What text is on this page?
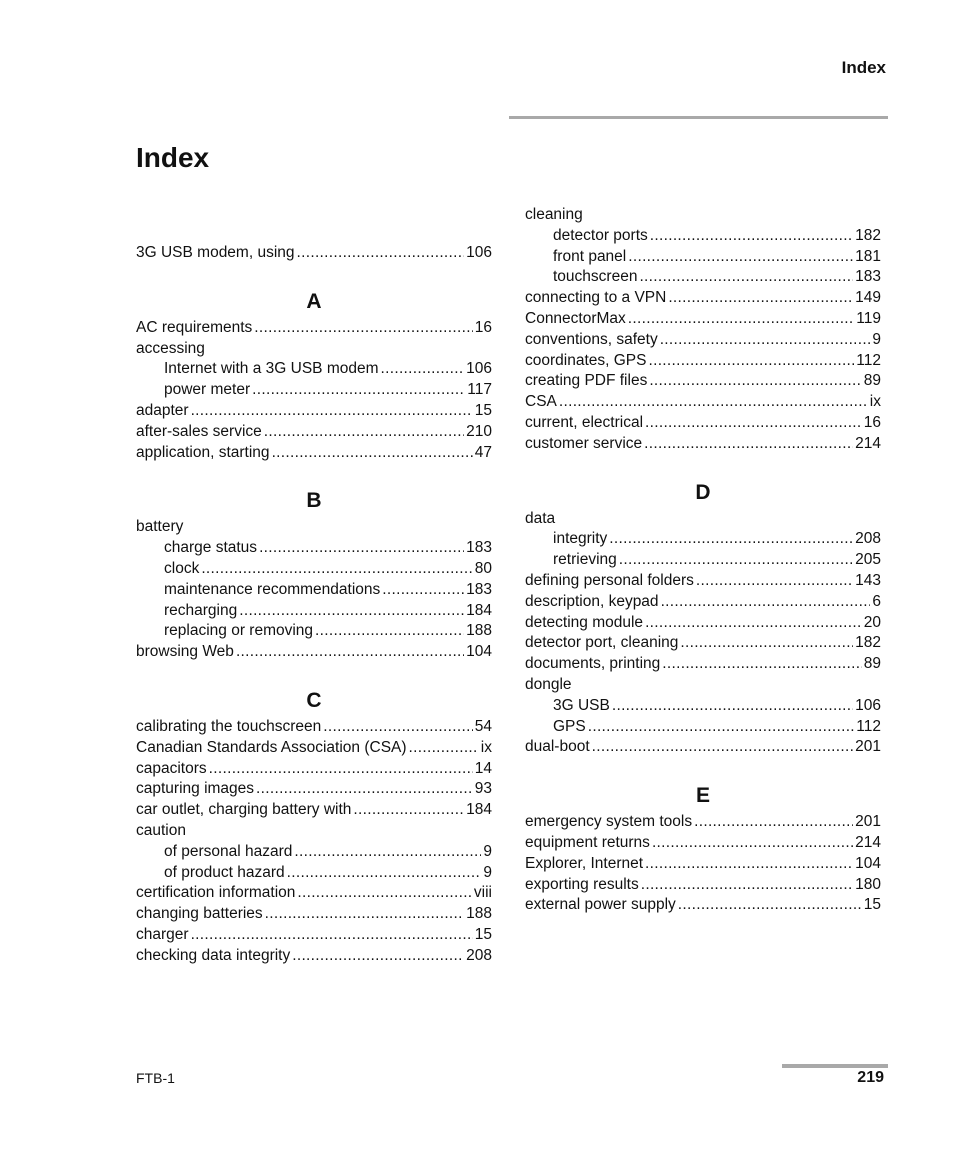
Index
Index
3G USB modem, using .....	106
A
AC requirements .....	16
accessing
Internet with a 3G USB modem .....	106
power meter .....	117
adapter .....	15
after-sales service .....	210
application, starting .....	47
B
battery
charge status .....	183
clock .....	80
maintenance recommendations .....	183
recharging .....	184
replacing or removing .....	188
browsing Web .....	104
C
calibrating the touchscreen .....	54
Canadian Standards Association (CSA) .....	ix
capacitors .....	14
capturing images .....	93
car outlet, charging battery with .....	184
caution
of personal hazard .....	9
of product hazard .....	9
certification information .....	viii
changing batteries .....	188
charger .....	15
checking data integrity .....	208
cleaning
detector ports .....	182
front panel .....	181
touchscreen .....	183
connecting to a VPN .....	149
ConnectorMax .....	119
conventions, safety .....	9
coordinates, GPS .....	112
creating PDF files .....	89
CSA .....	ix
current, electrical .....	16
customer service .....	214
D
data
integrity .....	208
retrieving .....	205
defining personal folders .....	143
description, keypad .....	6
detecting module .....	20
detector port, cleaning .....	182
documents, printing .....	89
dongle
3G USB .....	106
GPS .....	112
dual-boot .....	201
E
emergency system tools .....	201
equipment returns .....	214
Explorer, Internet .....	104
exporting results .....	180
external power supply .....	15
FTB-1	219
